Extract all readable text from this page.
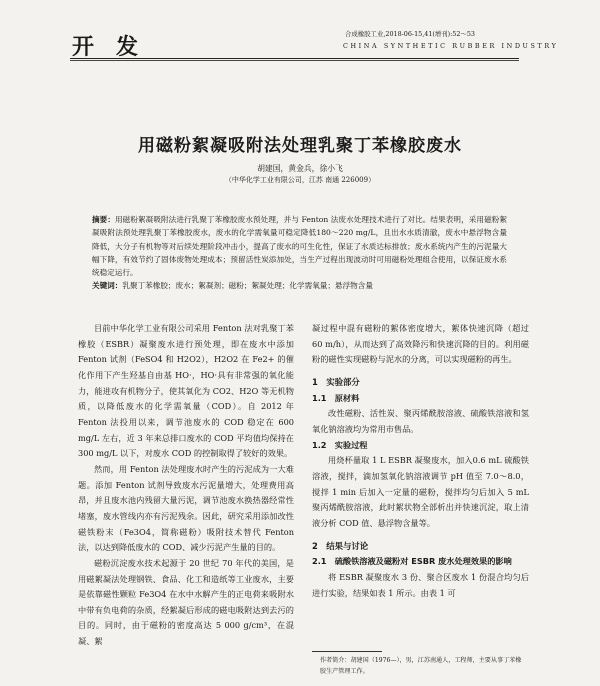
开发	合成橡胶工业,2018-06-15,41(增刊):52～53
CHINA SYNTHETIC RUBBER INDUSTRY
用磁粉絮凝吸附法处理乳聚丁苯橡胶废水
胡建国，黄金兵，徐小飞
（中华化学工业有限公司，江苏 南通 226009）
摘要：用磁粉絮凝吸附法进行乳聚丁苯橡胶废水预处理，并与 Fenton 法废水处理技术进行了对比。结果表明，采用磁粉絮凝吸附法预处理乳聚丁苯橡胶废水，废水的化学需氧量可稳定降低180～220 mg/L，且出水水质清澈，废水中悬浮物含量降低，大分子有机物等对后续处理阶段冲击小，提高了废水的可生化性，保证了水质达标排放；废水系统内产生的污泥量大幅下降，有效节约了固体废物处理成本；预留活性炭添加处，当生产过程出现波动时可用磁粉处理组合使用，以保证废水系统稳定运行。
关键词：乳聚丁苯橡胶；废水；絮凝剂；磁粉；絮凝处理；化学需氧量；悬浮物含量

目前中华化学工业有限公司采用 Fenton 法对乳聚丁苯橡胶（ESBR）凝聚废水进行预处理，即在废水中添加 Fenton 试剂（FeSO4 和 H2O2），H2O2 在 Fe2+ 的催化作用下产生羟基自由基 HO·，HO·具有非常强的氧化能力，能进攻有机物分子，使其氧化为 CO2、H2O 等无机物质，以降低废水的化学需氧量（COD）。自 2012 年 Fenton 法投用以来，调节池废水的 COD 稳定在 600 mg/L 左右，近 3 年来总排口废水的 COD 平均值均保持在 300 mg/L 以下，对废水 COD 的控制取得了较好的效果。

然而，用 Fenton 法处理废水时产生的污泥成为一大难题。添加 Fenton 试剂导致废水污泥量增大，处理费用高昂，并且废水池内残留大量污泥，调节池废水换热器经常性堵塞，废水管线内亦有污泥残余。因此，研究采用添加改性磁铁粉末（Fe3O4，简称磁粉）吸附技术替代 Fenton 法，以达到降低废水的 COD、减少污泥产生量的目的。

磁粉沉淀废水技术起源于 20 世纪 70 年代的美国，是用磁絮凝法处理钢铁、食品、化工和造纸等工业废水，主要是依靠磁性颗粒 Fe3O4 在水中水解产生的正电荷来吸附水中带有负电荷的杂质，经絮凝后形成的磁电吸附达到去污的目的。同时，由于磁粉的密度高达 5 000 g/cm³，在混凝、絮

凝过程中混有磁粉的絮体密度增大，絮体快速沉降（超过 60 m/h），从而达到了高效降污和快速沉降的目的。利用磁粉的磁性实现磁粉与泥水的分离，可以实现磁粉的再生。
1　实验部分
1.1　原材料

改性磁粉、活性炭、聚丙烯酰胺溶液、硫酸铁溶液和氢氧化钠溶液均为常用市售品。

1.2　实验过程

用烧杯量取 1 L ESBR 凝聚废水，加入0.6 mL 硫酸铁溶液，搅拌，滴加氢氧化钠溶液调节 pH 值至 7.0～8.0，搅拌 1 min 后加入一定量的磁粉，搅拌均匀后加入 5 mL 聚丙烯酰胺溶液，此时絮状物全部析出并快速沉淀，取上清液分析 COD 值、悬浮物含量等。

2　结果与讨论
2.1　硫酸铁溶液及磁粉对 ESBR 废水处理效果的影响

将 ESBR 凝聚废水 3 份、聚合区废水 1 份混合均匀后进行实验，结果如表 1 所示。由表 1 可

作者简介：胡建国（1976—），男，江苏南通人，工程师，主要从事丁苯橡胶生产管理工作。
